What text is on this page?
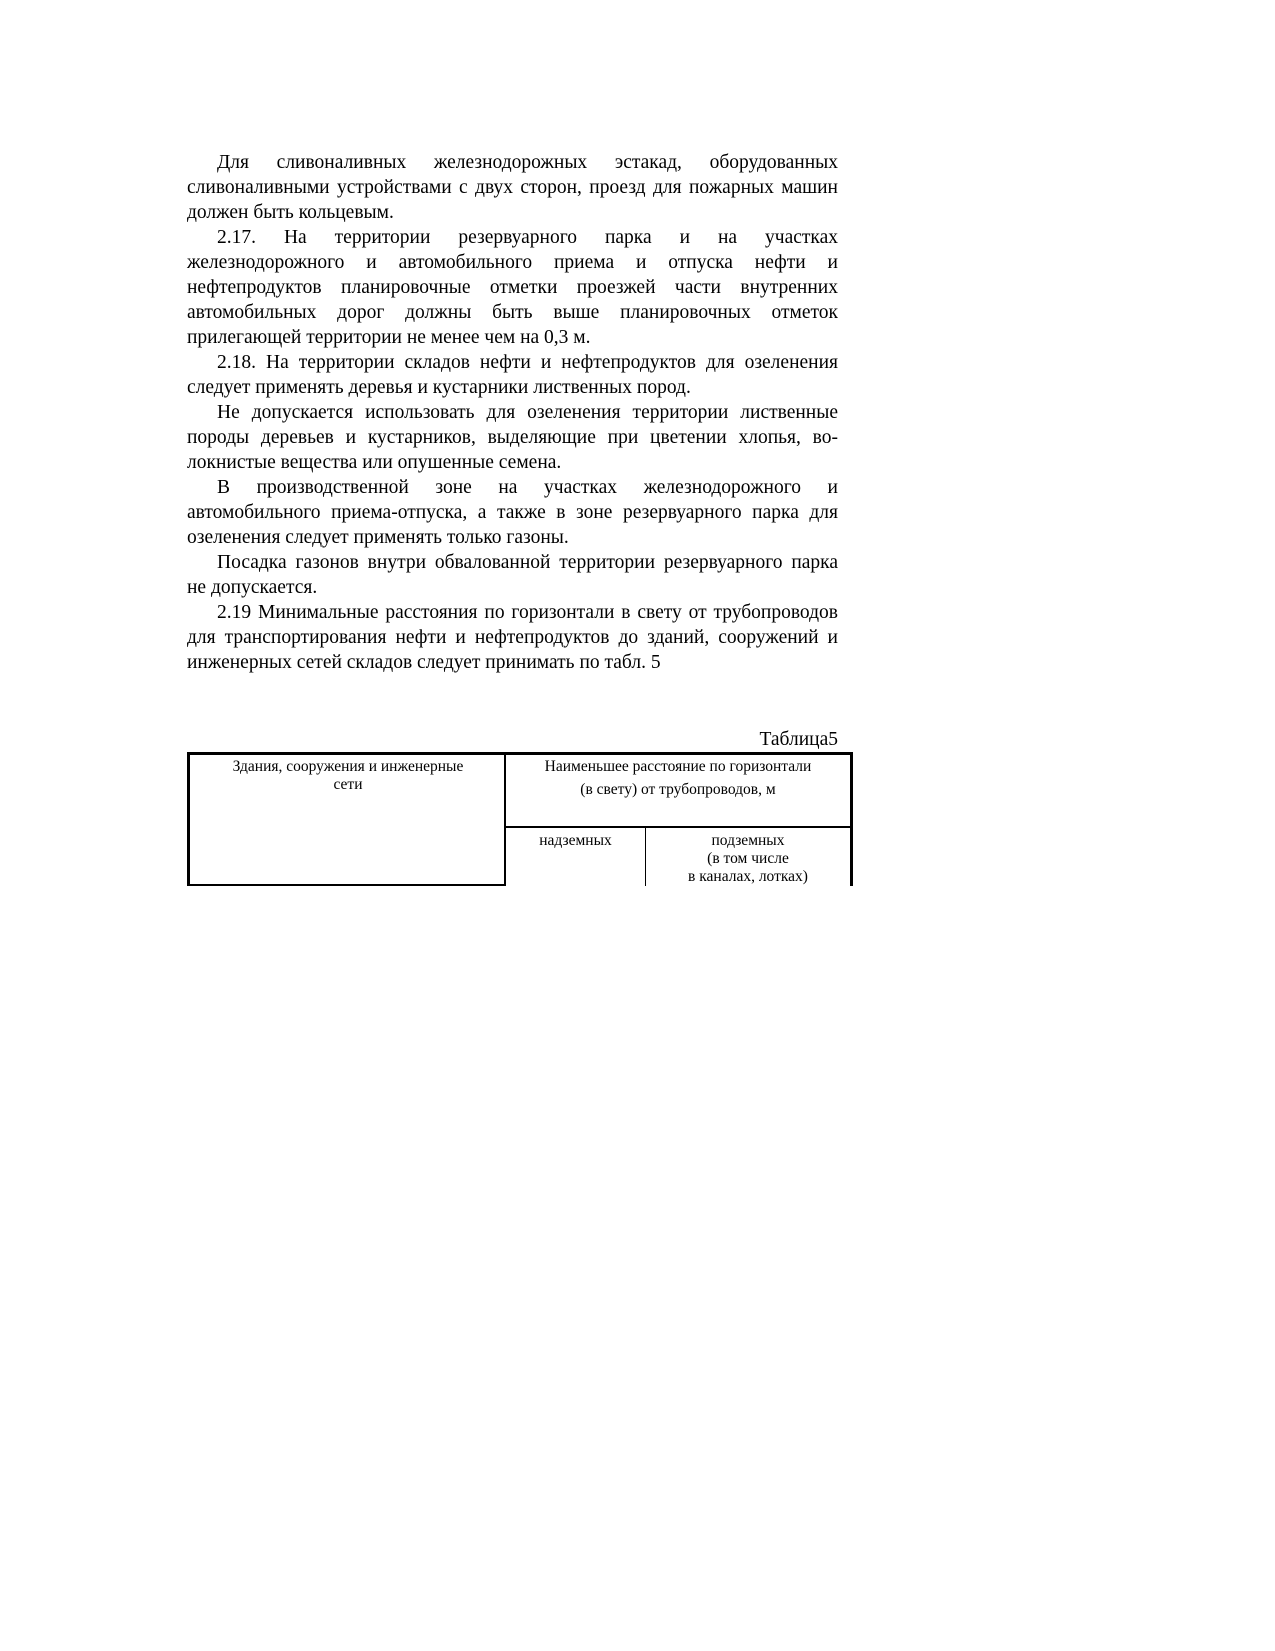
Для сливоналивных железнодорожных эстакад, оборудованных сливоналивными устройствами с двух сторон, проезд для пожарных машин должен быть кольцевым.

2.17. На территории резервуарного парка и на участках железнодорожного и автомобильного приема и отпуска нефти и нефтепродуктов планировочные отметки проезжей части внутренних автомобильных дорог должны быть выше планировочных отметок прилегающей территории не менее чем на 0,3 м.

2.18. На территории складов нефти и нефтепродуктов для озеленения следует применять деревья и кустарники лиственных пород.

Не допускается использовать для озеленения территории лиственные породы деревьев и кустарников, выделяющие при цветении хлопья, волокнистые вещества или опушенные семена.

В производственной зоне на участках железнодорожного и автомобильного приема-отпуска, а также в зоне резервуарного парка для озеленения следует применять только газоны.

Посадка газонов внутри обвалованной территории резервуарного парка не допускается.

2.19 Минимальные расстояния по горизонтали в свету от трубопроводов для транспортирования нефти и нефтепродуктов до зданий, сооружений и инженерных сетей складов следует принимать по табл. 5

Таблица5
Здания, сооружения и инженерные сети
Наименьшее расстояние по горизонтали
(в свету) от трубопроводов, м
надземных	подземных
(в том числе
в каналах, лотках)
